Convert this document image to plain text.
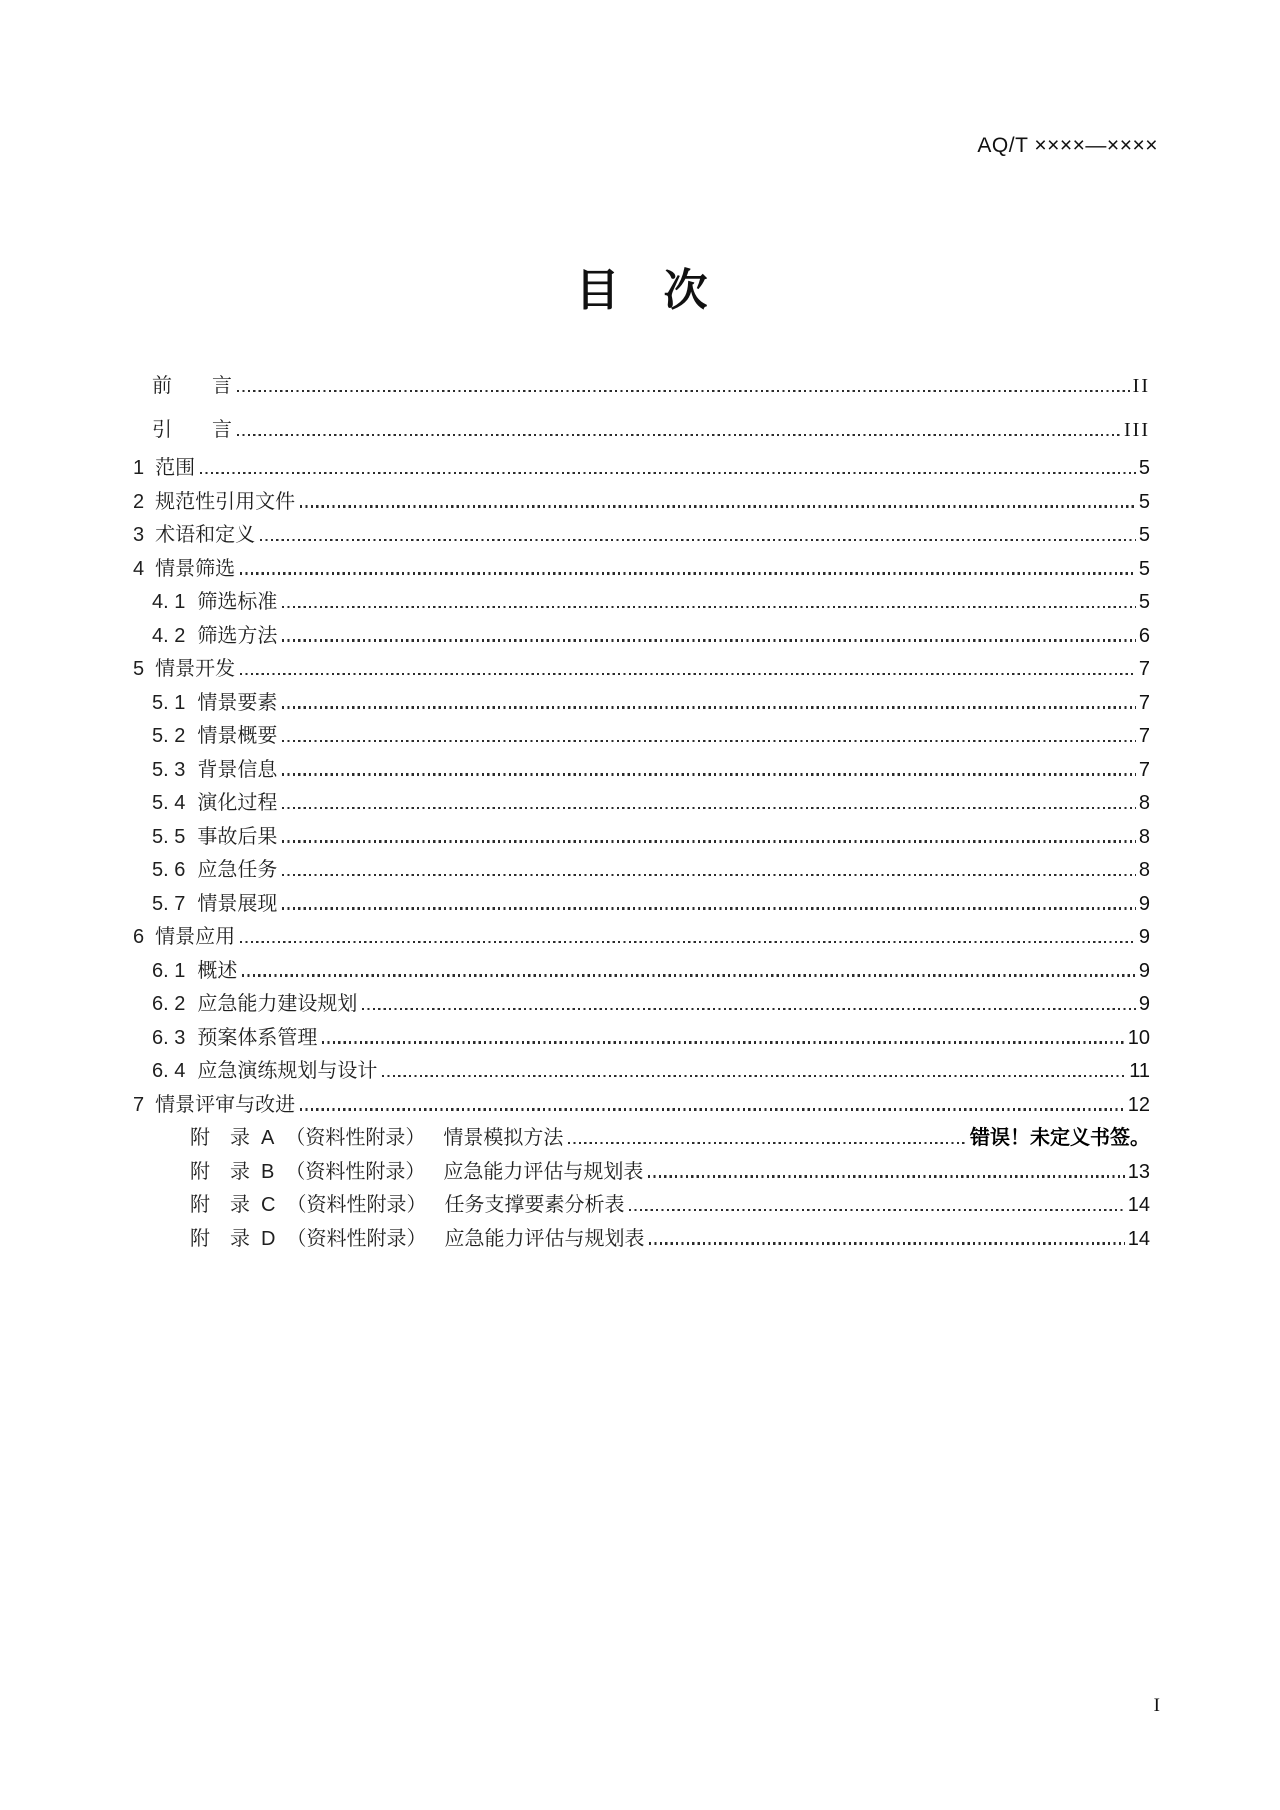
AQ/T ××××—××××
目　次
前　　言	II
引　　言	III
1 范围	5
2 规范性引用文件	5
3 术语和定义	5
4 情景筛选	5
4. 1 筛选标准	5
4. 2 筛选方法	6
5 情景开发	7
5. 1 情景要素	7
5. 2 情景概要	7
5. 3 背景信息	7
5. 4 演化过程	8
5. 5 事故后果	8
5. 6 应急任务	8
5. 7 情景展现	9
6 情景应用	9
6. 1 概述	9
6. 2 应急能力建设规划	9
6. 3 预案体系管理	10
6. 4 应急演练规划与设计	11
7 情景评审与改进	12
附　录 A （资料性附录） 情景模拟方法	错误！未定义书签。
附　录 B （资料性附录） 应急能力评估与规划表	13
附　录 C （资料性附录） 任务支撑要素分析表	14
附　录 D （资料性附录） 应急能力评估与规划表	14
I
